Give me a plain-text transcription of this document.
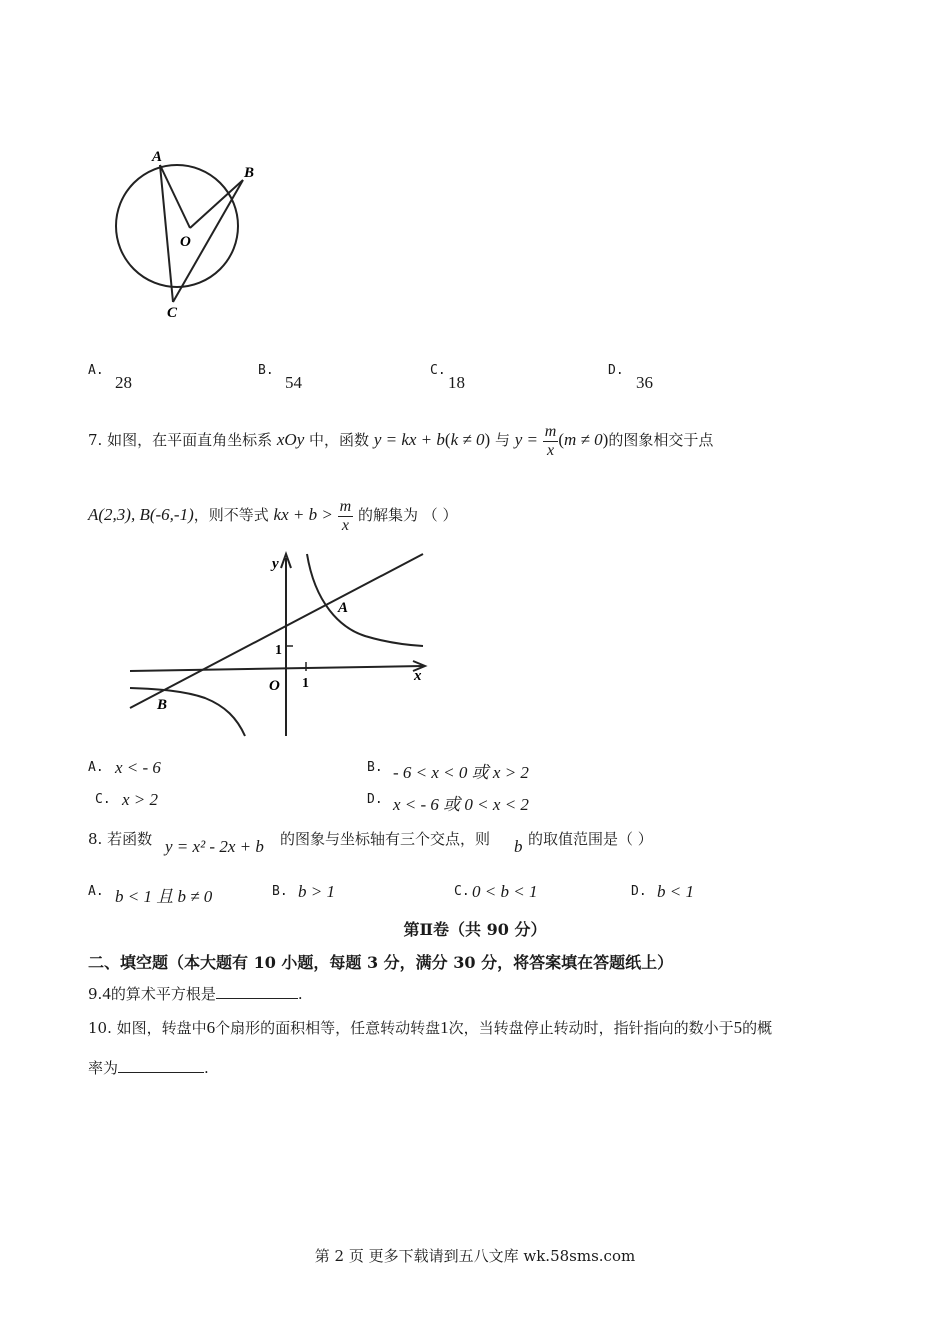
A
B
O
C
A.
28
B.
54
C.
18
D.
36
7. 如图，在平面直角坐标系 xOy 中，函数 y = kx + b(k ≠ 0) 与 $y = \frac{m}{x} (m \ne 0)$的图象相交于点
A(2,3), B(-6,-1)，则不等式 kx + $b > \frac{m}{x}$ 的解集为 （ ）
y
x
O
1
1
A
B
A. x < - 6	B. - 6 < x < 0 或 x > 2
C. x > 2	D. x < - 6 或 0 < x < 2
8. 若函数 y = x² - 2x + b 的图象与坐标轴有三个交点，则 b 的取值范围是（ ）
A. b < 1 且 b ≠ 0	B. b > 1	C. 0 < b < 1	D. b < 1
第Ⅱ卷（共 90 分）
二、填空题（本大题有 10 小题，每题 3 分，满分 30 分，将答案填在答题纸上）
9.4的算术平方根是	.
10. 如图，转盘中6个扇形的面积相等，任意转动转盘1次，当转盘停止转动时，指针指向的数小于5的概
率为	.
第 2 页 更多下载请到五八文库 wk.58sms.com
